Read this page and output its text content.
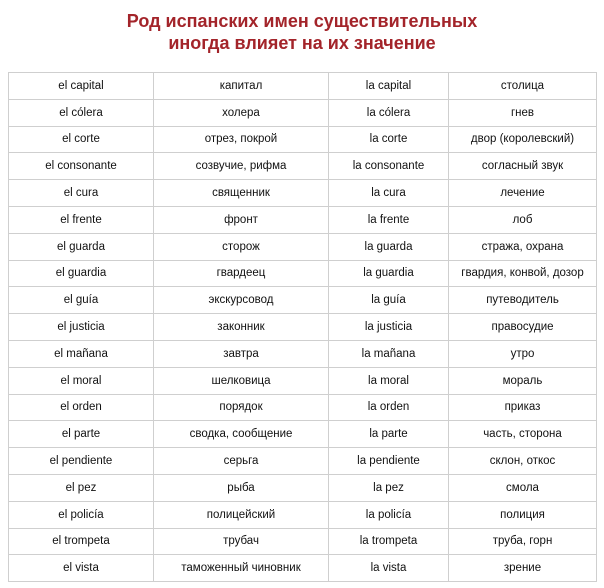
Род испанских имен существительных
иногда влияет на их значение
el capital	капитал	la capital	столица
el cólera	холера	la cólera	гнев
el corte	отрез, покрой	la corte	двор (королевский)
el consonante	созвучие, рифма	la consonante	согласный звук
el cura	священник	la cura	лечение
el frente	фронт	la frente	лоб
el guarda	сторож	la guarda	стража, охрана
el guardia	гвардеец	la guardia	гвардия, конвой, дозор
el guía	экскурсовод	la guía	путеводитель
el justicia	законник	la justicia	правосудие
el mañana	завтра	la mañana	утро
el moral	шелковица	la moral	мораль
el orden	порядок	la orden	приказ
el parte	сводка, сообщение	la parte	часть, сторона
el pendiente	серьга	la pendiente	склон, откос
el pez	рыба	la pez	смола
el policía	полицейский	la policía	полиция
el trompeta	трубач	la trompeta	труба, горн
el vista	таможенный чиновник	la vista	зрение
